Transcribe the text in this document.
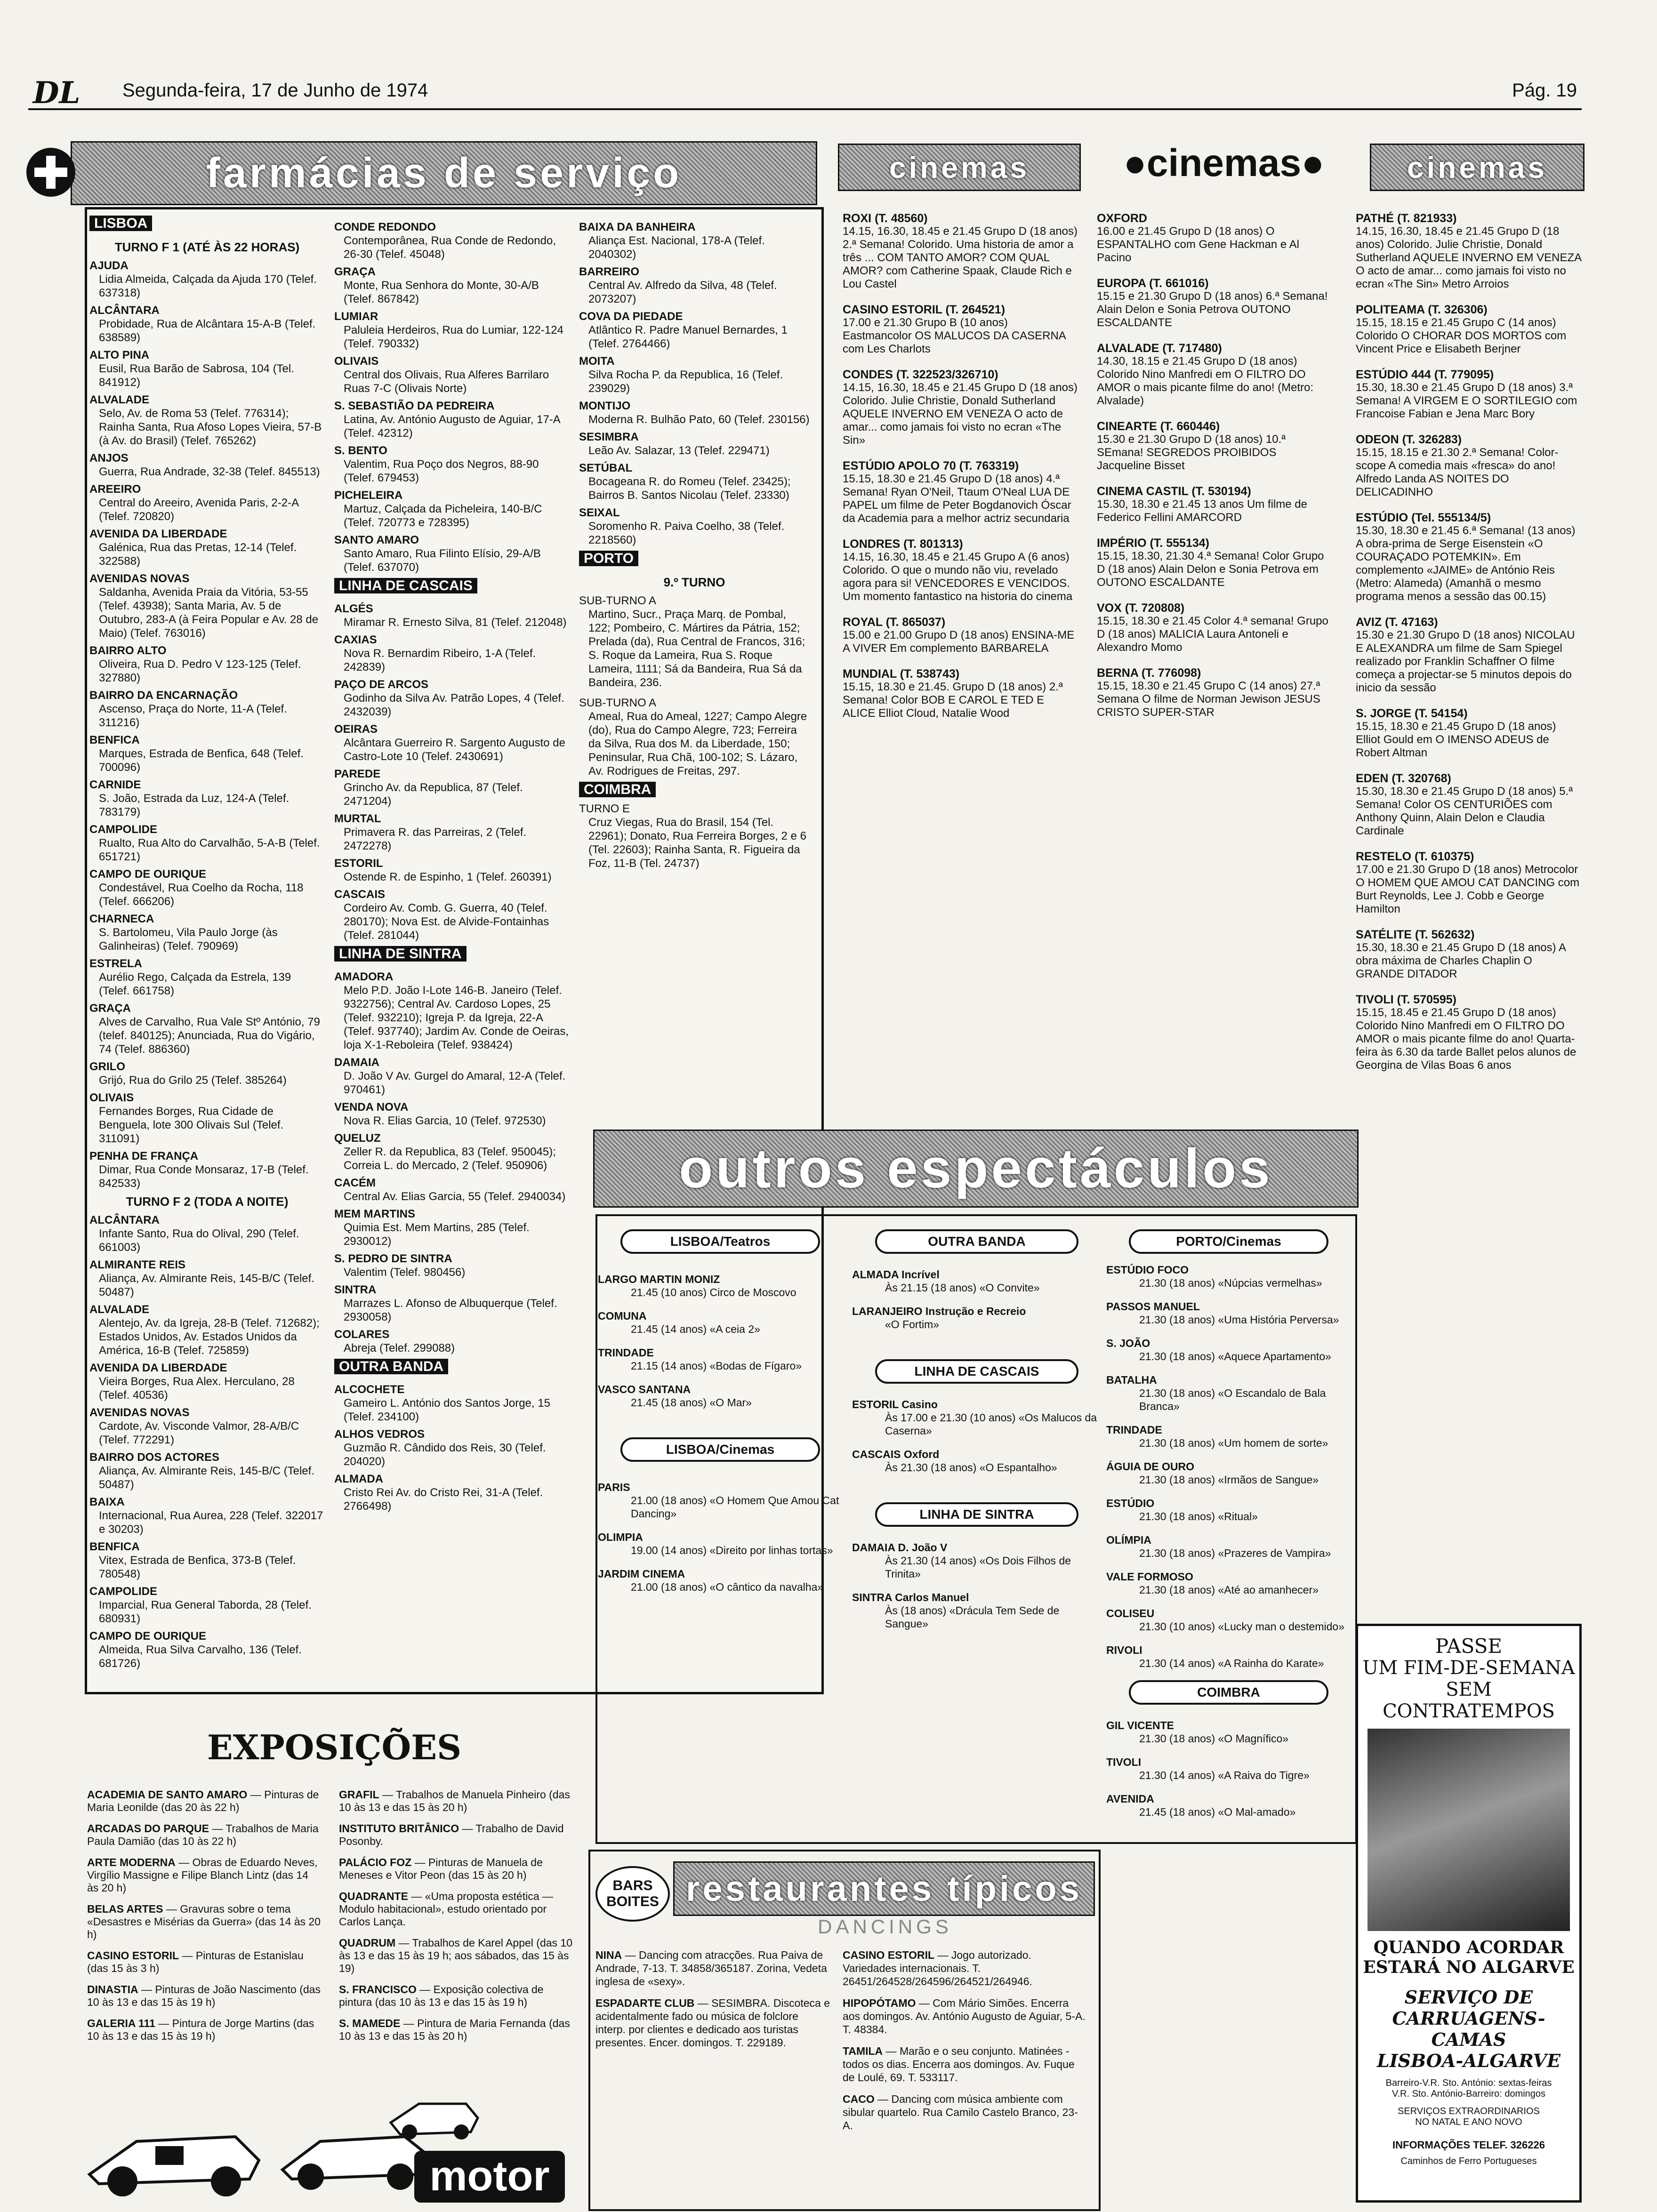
DL Segunda-feira, 17 de Junho de 1974	Pág. 19
farmácias de serviço
LISBOA
TURNO F 1 (ATÉ ÀS 22 HORAS)
AJUDA
Lidia Almeida, Calçada da Ajuda 170 (Telef. 637318)
ALCÂNTARA
Probidade, Rua de Alcântara 15-A-B (Telef. 638589)
ALTO PINA
Eusil, Rua Barão de Sabrosa, 104 (Tel. 841912)
ALVALADE
Selo, Av. de Roma 53 (Telef. 776314); Rainha Santa, Rua Afoso Lopes Vieira, 57-B (à Av. do Brasil) (Telef. 765262)
ANJOS
Guerra, Rua Andrade, 32-38 (Telef. 845513)
AREEIRO
Central do Areeiro, Avenida Paris, 2-2-A (Telef. 720820)
AVENIDA DA LIBERDADE
Galénica, Rua das Pretas, 12-14 (Telef. 322588)
AVENIDAS NOVAS
Saldanha, Avenida Praia da Vitória, 53-55 (Telef. 43938); Santa Maria, Av. 5 de Outubro, 283-A (à Feira Popular e Av. 28 de Maio) (Telef. 763016)
BAIRRO ALTO
Oliveira, Rua D. Pedro V 123-125 (Telef. 327880)
BAIRRO DA ENCARNAÇÃO
Ascenso, Praça do Norte, 11-A (Telef. 311216)
BENFICA
Marques, Estrada de Benfica, 648 (Telef. 700096)
CARNIDE
S. João, Estrada da Luz, 124-A (Telef. 783179)
CAMPOLIDE
Rualto, Rua Alto do Carvalhão, 5-A-B (Telef. 651721)
CAMPO DE OURIQUE
Condestável, Rua Coelho da Rocha, 118 (Telef. 666206)
CHARNECA
S. Bartolomeu, Vila Paulo Jorge (às Galinheiras) (Telef. 790969)
ESTRELA
Aurélio Rego, Calçada da Estrela, 139 (Telef. 661758)
GRAÇA
Alves de Carvalho, Rua Vale Stº António, 79 (telef. 840125); Anunciada, Rua do Vigário, 74 (Telef. 886360)
GRILO
Grijó, Rua do Grilo 25 (Telef. 385264)
OLIVAIS
Fernandes Borges, Rua Cidade de Benguela, lote 300 Olivais Sul (Telef. 311091)
PENHA DE FRANÇA
Dimar, Rua Conde Monsaraz, 17-B (Telef. 842533)
TURNO F 2 (TODA A NOITE)
ALCÂNTARA
Infante Santo, Rua do Olival, 290 (Telef. 661003)
ALMIRANTE REIS
Aliança, Av. Almirante Reis, 145-B/C (Telef. 50487)
ALVALADE
Alentejo, Av. da Igreja, 28-B (Telef. 712682); Estados Unidos, Av. Estados Unidos da América, 16-B (Telef. 725859)
AVENIDA DA LIBERDADE
Vieira Borges, Rua Alex. Herculano, 28 (Telef. 40536)
AVENIDAS NOVAS
Cardote, Av. Visconde Valmor, 28-A/B/C (Telef. 772291)
BAIRRO DOS ACTORES
Aliança, Av. Almirante Reis, 145-B/C (Telef. 50487)
BAIXA
Internacional, Rua Aurea, 228 (Telef. 322017 e 30203)
BENFICA
Vitex, Estrada de Benfica, 373-B (Telef. 780548)
CAMPOLIDE
Imparcial, Rua General Taborda, 28 (Telef. 680931)
CAMPO DE OURIQUE
Almeida, Rua Silva Carvalho, 136 (Telef. 681726)
CONDE REDONDO
Contemporânea, Rua Conde de Redondo, 26-30 (Telef. 45048)
GRAÇA
Monte, Rua Senhora do Monte, 30-A/B (Telef. 867842)
LUMIAR
Paluleia Herdeiros, Rua do Lumiar, 122-124 (Telef. 790332)
OLIVAIS
Central dos Olivais, Rua Alferes Barrilaro Ruas 7-C (Olivais Norte)
S. SEBASTIÃO DA PEDREIRA
Latina, Av. António Augusto de Aguiar, 17-A (Telef. 42312)
S. BENTO
Valentim, Rua Poço dos Negros, 88-90 (Telef. 679453)
PICHELEIRA
Martuz, Calçada da Picheleira, 140-B/C (Telef. 720773 e 728395)
SANTO AMARO
Santo Amaro, Rua Filinto Elísio, 29-A/B (Telef. 637070)
LINHA DE CASCAIS
ALGÉS
Miramar R. Ernesto Silva, 81 (Telef. 212048)
CAXIAS
Nova R. Bernardim Ribeiro, 1-A (Telef. 242839)
PAÇO DE ARCOS
Godinho da Silva Av. Patrão Lopes, 4 (Telef. 2432039)
OEIRAS
Alcântara Guerreiro R. Sargento Augusto de Castro-Lote 10 (Telef. 2430691)
PAREDE
Grincho Av. da Republica, 87 (Telef. 2471204)
MURTAL
Primavera R. das Parreiras, 2 (Telef. 2472278)
ESTORIL
Ostende R. de Espinho, 1 (Telef. 260391)
CASCAIS
Cordeiro Av. Comb. G. Guerra, 40 (Telef. 280170); Nova Est. de Alvide-Fontainhas (Telef. 281044)
LINHA DE SINTRA
AMADORA
Melo P.D. João I-Lote 146-B. Janeiro (Telef. 9322756); Central Av. Cardoso Lopes, 25 (Telef. 932210); Igreja P. da Igreja, 22-A (Telef. 937740); Jardim Av. Conde de Oeiras, loja X-1-Reboleira (Telef. 938424)
DAMAIA
D. João V Av. Gurgel do Amaral, 12-A (Telef. 970461)
VENDA NOVA
Nova R. Elias Garcia, 10 (Telef. 972530)
QUELUZ
Zeller R. da Republica, 83 (Telef. 950045); Correia L. do Mercado, 2 (Telef. 950906)
CACÉM
Central Av. Elias Garcia, 55 (Telef. 2940034)
MEM MARTINS
Quimia Est. Mem Martins, 285 (Telef. 2930012)
S. PEDRO DE SINTRA
Valentim (Telef. 980456)
SINTRA
Marrazes L. Afonso de Albuquerque (Telef. 2930058)
COLARES
Abreja (Telef. 299088)
OUTRA BANDA
ALCOCHETE
Gameiro L. António dos Santos Jorge, 15 (Telef. 234100)
ALHOS VEDROS
Guzmão R. Cândido dos Reis, 30 (Telef. 204020)
ALMADA
Cristo Rei Av. do Cristo Rei, 31-A (Telef. 2766498)
BAIXA DA BANHEIRA
Aliança Est. Nacional, 178-A (Telef. 2040302)
BARREIRO
Central Av. Alfredo da Silva, 48 (Telef. 2073207)
COVA DA PIEDADE
Atlântico R. Padre Manuel Bernardes, 1 (Telef. 2764466)
MOITA
Silva Rocha P. da Republica, 16 (Telef. 239029)
MONTIJO
Moderna R. Bulhão Pato, 60 (Telef. 230156)
SESIMBRA
Leão Av. Salazar, 13 (Telef. 229471)
SETÚBAL
Bocageana R. do Romeu (Telef. 23425); Bairros B. Santos Nicolau (Telef. 23330)
SEIXAL
Soromenho R. Paiva Coelho, 38 (Telef. 2218560)
PORTO
9.º TURNO
SUB-TURNO A
Martino, Sucr., Praça Marq. de Pombal, 122; Pombeiro, C. Mártires da Pátria, 152; Prelada (da), Rua Central de Francos, 316; S. Roque da Lameira, Rua S. Roque Lameira, 1111; Sá da Bandeira, Rua Sá da Bandeira, 236.
SUB-TURNO A
Ameal, Rua do Ameal, 1227; Campo Alegre (do), Rua do Campo Alegre, 723; Ferreira da Silva, Rua dos M. da Liberdade, 150; Peninsular, Rua Chã, 100-102; S. Lázaro, Av. Rodrigues de Freitas, 297.
COIMBRA
TURNO E
Cruz Viegas, Rua do Brasil, 154 (Tel. 22961); Donato, Rua Ferreira Borges, 2 e 6 (Tel. 22603); Rainha Santa, R. Figueira da Foz, 11-B (Tel. 24737)
cinemas	●cinemas●	cinemas
ROXI (T. 48560)
14.15, 16.30, 18.45 e 21.45 Grupo D (18 anos) 2.ª Semana! Colorido. Uma historia de amor a três ... COM TANTO AMOR? COM QUAL AMOR? com Catherine Spaak, Claude Rich e Lou Castel
CASINO ESTORIL (T. 264521)
17.00 e 21.30 Grupo B (10 anos) Eastmancolor OS MALUCOS DA CASERNA com Les Charlots
CONDES (T. 322523/326710)
14.15, 16.30, 18.45 e 21.45 Grupo D (18 anos) Colorido. Julie Christie, Donald Sutherland AQUELE INVERNO EM VENEZA O acto de amar... como jamais foi visto no ecran «The Sin»
ESTÚDIO APOLO 70 (T. 763319)
15.15, 18.30 e 21.45 Grupo D (18 anos) 4.ª Semana! Ryan O'Neil, Ttaum O'Neal LUA DE PAPEL um filme de Peter Bogdanovich Óscar da Academia para a melhor actriz secundaria
LONDRES (T. 801313)
14.15, 16.30, 18.45 e 21.45 Grupo A (6 anos) Colorido. O que o mundo não viu, revelado agora para si! VENCEDORES E VENCIDOS. Um momento fantastico na historia do cinema
ROYAL (T. 865037)
15.00 e 21.00 Grupo D (18 anos) ENSINA-ME A VIVER Em complemento BARBARELA
MUNDIAL (T. 538743)
15.15, 18.30 e 21.45. Grupo D (18 anos) 2.ª Semana! Color BOB E CAROL E TED E ALICE Elliot Cloud, Natalie Wood
OXFORD
16.00 e 21.45 Grupo D (18 anos) O ESPANTALHO com Gene Hackman e Al Pacino
EUROPA (T. 661016)
15.15 e 21.30 Grupo D (18 anos) 6.ª Semana! Alain Delon e Sonia Petrova OUTONO ESCALDANTE
ALVALADE (T. 717480)
14.30, 18.15 e 21.45 Grupo D (18 anos) Colorido Nino Manfredi em O FILTRO DO AMOR o mais picante filme do ano! (Metro: Alvalade)
CINEARTE (T. 660446)
15.30 e 21.30 Grupo D (18 anos) 10.ª SEmana! SEGREDOS PROIBIDOS Jacqueline Bisset
CINEMA CASTIL (T. 530194)
15.30, 18.30 e 21.45 13 anos Um filme de Federico Fellini AMARCORD
IMPÉRIO (T. 555134)
15.15, 18.30, 21.30 4.ª Semana! Color Grupo D (18 anos) Alain Delon e Sonia Petrova em OUTONO ESCALDANTE
VOX (T. 720808)
15.15, 18.30 e 21.45 Color 4.ª semana! Grupo D (18 anos) MALICIA Laura Antoneli e Alexandro Momo
BERNA (T. 776098)
15.15, 18.30 e 21.45 Grupo C (14 anos) 27.ª Semana O filme de Norman Jewison JESUS CRISTO SUPER-STAR
PATHÉ (T. 821933)
14.15, 16.30, 18.45 e 21.45 Grupo D (18 anos) Colorido. Julie Christie, Donald Sutherland AQUELE INVERNO EM VENEZA O acto de amar... como jamais foi visto no ecran «The Sin» Metro Arroios
POLITEAMA (T. 326306)
15.15, 18.15 e 21.45 Grupo C (14 anos) Colorido O CHORAR DOS MORTOS com Vincent Price e Elisabeth Berjner
ESTÚDIO 444 (T. 779095)
15.30, 18.30 e 21.45 Grupo D (18 anos) 3.ª Semana! A VIRGEM E O SORTILEGIO com Francoise Fabian e Jena Marc Bory
ODEON (T. 326283)
15.15, 18.15 e 21.30 2.ª Semana! Color-scope A comedia mais «fresca» do ano! Alfredo Landa AS NOITES DO DELICADINHO
ESTÚDIO (Tel. 555134/5)
15.30, 18.30 e 21.45 6.ª Semana! (13 anos) A obra-prima de Serge Eisenstein «O COURAÇADO POTEMKIN». Em complemento «JAIME» de António Reis (Metro: Alameda) (Amanhã o mesmo programa menos a sessão das 00.15)
AVIZ (T. 47163)
15.30 e 21.30 Grupo D (18 anos) NICOLAU E ALEXANDRA um filme de Sam Spiegel realizado por Franklin Schaffner O filme começa a projectar-se 5 minutos depois do inicio da sessão
S. JORGE (T. 54154)
15.15, 18.30 e 21.45 Grupo D (18 anos) Elliot Gould em O IMENSO ADEUS de Robert Altman
EDEN (T. 320768)
15.30, 18.30 e 21.45 Grupo D (18 anos) 5.ª Semana! Color OS CENTURIÕES com Anthony Quinn, Alain Delon e Claudia Cardinale
RESTELO (T. 610375)
17.00 e 21.30 Grupo D (18 anos) Metrocolor O HOMEM QUE AMOU CAT DANCING com Burt Reynolds, Lee J. Cobb e George Hamilton
SATÉLITE (T. 562632)
15.30, 18.30 e 21.45 Grupo D (18 anos) A obra máxima de Charles Chaplin O GRANDE DITADOR
TIVOLI (T. 570595)
15.15, 18.45 e 21.45 Grupo D (18 anos) Colorido Nino Manfredi em O FILTRO DO AMOR o mais picante filme do ano! Quarta-feira às 6.30 da tarde Ballet pelos alunos de Georgina de Vilas Boas 6 anos
outros espectáculos
LISBOA/Teatros
LARGO MARTIN MONIZ
21.45 (10 anos) Circo de Moscovo
COMUNA
21.45 (14 anos) «A ceia 2»
TRINDADE
21.15 (14 anos) «Bodas de Fígaro»
VASCO SANTANA
21.45 (18 anos) «O Mar»
LISBOA/Cinemas
PARIS
21.00 (18 anos) «O Homem Que Amou Cat Dancing»
OLIMPIA
19.00 (14 anos) «Direito por linhas tortas»
JARDIM CINEMA
21.00 (18 anos) «O cântico da navalha»
OUTRA BANDA
ALMADA Incrível
Às 21.15 (18 anos) «O Convite»
LARANJEIRO Instrução e Recreio
«O Fortim»
LINHA DE CASCAIS
ESTORIL Casino
Às 17.00 e 21.30 (10 anos) «Os Malucos da Caserna»
CASCAIS Oxford
Às 21.30 (18 anos) «O Espantalho»
LINHA DE SINTRA
DAMAIA D. João V
Às 21.30 (14 anos) «Os Dois Filhos de Trinita»
SINTRA Carlos Manuel
Às (18 anos) «Drácula Tem Sede de Sangue»
PORTO/Cinemas
ESTÚDIO FOCO
21.30 (18 anos) «Núpcias vermelhas»
PASSOS MANUEL
21.30 (18 anos) «Uma História Perversa»
S. JOÃO
21.30 (18 anos) «Aquece Apartamento»
BATALHA
21.30 (18 anos) «O Escandalo de Bala Branca»
TRINDADE
21.30 (18 anos) «Um homem de sorte»
ÁGUIA DE OURO
21.30 (18 anos) «Irmãos de Sangue»
ESTÚDIO
21.30 (18 anos) «Ritual»
OLÍMPIA
21.30 (18 anos) «Prazeres de Vampira»
VALE FORMOSO
21.30 (18 anos) «Até ao amanhecer»
COLISEU
21.30 (10 anos) «Lucky man o destemido»
RIVOLI
21.30 (14 anos) «A Rainha do Karate»
COIMBRA
GIL VICENTE
21.30 (18 anos) «O Magnífico»
TIVOLI
21.30 (14 anos) «A Raiva do Tigre»
AVENIDA
21.45 (18 anos) «O Mal-amado»
BARS BOITES restaurantes típicos
DANCINGS
NINA — Dancing com atracções. Rua Paiva de Andrade, 7-13. T. 34858/365187. Zorina, Vedeta inglesa de «sexy».
ESPADARTE CLUB — SESIMBRA. Discoteca e acidentalmente fado ou música de folclore interp. por clientes e dedicado aos turistas presentes. Encer. domingos. T. 229189.
CASINO ESTORIL — Jogo autorizado. Variedades internacionais. T. 26451/264528/264596/264521/264946.
HIPOPÓTAMO — Com Mário Simões. Encerra aos domingos. Av. António Augusto de Aguiar, 5-A. T. 48384.
TAMILA — Marão e o seu conjunto. Matinées - todos os dias. Encerra aos domingos. Av. Fuque de Loulé, 69. T. 533117.
CACO — Dancing com música ambiente com sibular quartelo. Rua Camilo Castelo Branco, 23-A.
EXPOSIÇÕES
ACADEMIA DE SANTO AMARO — Pinturas de Maria Leonilde (das 20 às 22 h)
ARCADAS DO PARQUE — Trabalhos de Maria Paula Damião (das 10 às 22 h)
ARTE MODERNA — Obras de Eduardo Neves, Virgílio Massigne e Filipe Blanch Lintz (das 14 às 20 h)
BELAS ARTES — Gravuras sobre o tema «Desastres e Misérias da Guerra» (das 14 às 20 h)
CASINO ESTORIL — Pinturas de Estanislau (das 15 às 3 h)
DINASTIA — Pinturas de João Nascimento (das 10 às 13 e das 15 às 19 h)
GALERIA 111 — Pintura de Jorge Martins (das 10 às 13 e das 15 às 19 h)
GRAFIL — Trabalhos de Manuela Pinheiro (das 10 às 13 e das 15 às 20 h)
INSTITUTO BRITÂNICO — Trabalho de David Posonby.
PALÁCIO FOZ — Pinturas de Manuela de Meneses e Vitor Peon (das 15 às 20 h)
QUADRANTE — «Uma proposta estética — Modulo habitacional», estudo orientado por Carlos Lança.
QUADRUM — Trabalhos de Karel Appel (das 10 às 13 e das 15 às 19 h; aos sábados, das 15 às 19)
S. FRANCISCO — Exposição colectiva de pintura (das 10 às 13 e das 15 às 19 h)
S. MAMEDE — Pintura de Maria Fernanda (das 10 às 13 e das 15 às 20 h)
motor
PASSE
UM FIM-DE-SEMANA
SEM CONTRATEMPOS
QUANDO ACORDAR
ESTARÁ NO ALGARVE
SERVIÇO DE
CARRUAGENS-CAMAS
LISBOA-ALGARVE
Barreiro-V.R. Sto. António: sextas-feiras
V.R. Sto. António-Barreiro: domingos
SERVIÇOS EXTRAORDINARIOS
NO NATAL E ANO NOVO
INFORMAÇÕES TELEF. 326226
Caminhos de Ferro Portugueses
